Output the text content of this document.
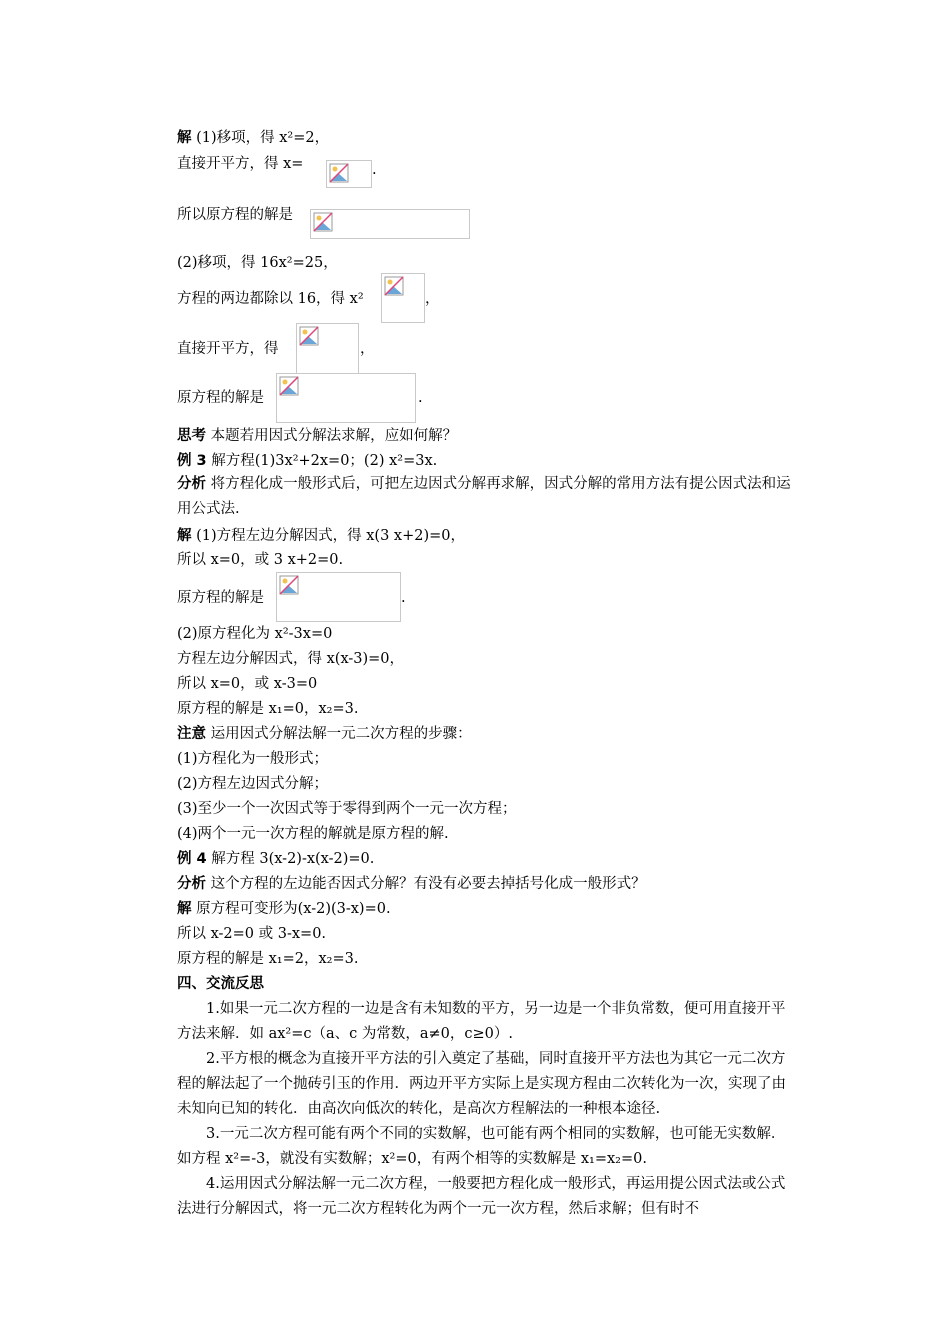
解 (1)移项，得 x²=2，
直接开平方，得 x=	.
所以原方程的解是
(2)移项，得 16x²=25，
方程的两边都除以 16，得 x²	，
直接开平方，得	，
原方程的解是	.
思考 本题若用因式分解法求解，应如何解？
例 3 解方程(1)3x²+2x=0；(2) x²=3x.
分析 将方程化成一般形式后，可把左边因式分解再求解，因式分解的常用方法有提公因式法和运用公式法.
解 (1)方程左边分解因式，得 x(3 x+2)=0，
所以 x=0，或 3 x+2=0.
原方程的解是	.
(2)原方程化为 x²-3x=0
方程左边分解因式，得 x(x-3)=0，
所以 x=0，或 x-3=0
原方程的解是 x₁=0，x₂=3.
注意 运用因式分解法解一元二次方程的步骤：
(1)方程化为一般形式；
(2)方程左边因式分解；
(3)至少一个一次因式等于零得到两个一元一次方程；
(4)两个一元一次方程的解就是原方程的解.
例 4 解方程 3(x-2)-x(x-2)=0.
分析 这个方程的左边能否因式分解？有没有必要去掉括号化成一般形式？
解 原方程可变形为(x-2)(3-x)=0.
所以 x-2=0 或 3-x=0.
原方程的解是 x₁=2，x₂=3.
四、交流反思
1.如果一元二次方程的一边是含有未知数的平方，另一边是一个非负常数，便可用直接开平方法来解．如 ax²=c（a、c 为常数，a≠0，c≥0）.
2.平方根的概念为直接开平方法的引入奠定了基础，同时直接开平方法也为其它一元二次方程的解法起了一个抛砖引玉的作用．两边开平方实际上是实现方程由二次转化为一次，实现了由未知向已知的转化．由高次向低次的转化，是高次方程解法的一种根本途径.
3.一元二次方程可能有两个不同的实数解，也可能有两个相同的实数解，也可能无实数解．如方程 x²=-3，就没有实数解；x²=0，有两个相等的实数解是 x₁=x₂=0.
4.运用因式分解法解一元二次方程，一般要把方程化成一般形式，再运用提公因式法或公式法进行分解因式，将一元二次方程转化为两个一元一次方程，然后求解；但有时不
